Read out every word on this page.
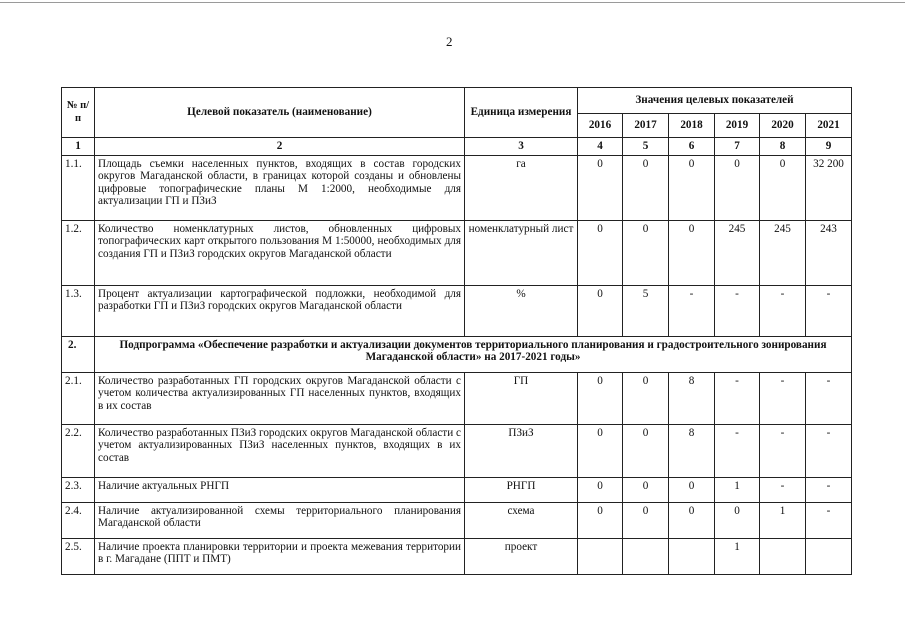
2
№ п/п	Целевой показатель (наименование)	Единица измерения	Значения целевых показателей					
			2016	2017	2018	2019	2020	2021
1	2	3	4	5	6	7	8	9
1.1.	Площадь съемки населенных пунктов, входящих в состав городских округов Магаданской области, в границах которой созданы и обновлены цифровые топографические планы М 1:2000, необходимые для актуализации ГП и ПЗиЗ	га	0	0	0	0	0	32 200
1.2.	Количество номенклатурных листов, обновленных цифровых топографических карт открытого пользования М 1:50000, необходимых для создания ГП и ПЗиЗ городских округов Магаданской области	номенклатурный лист	0	0	0	245	245	243
1.3.	Процент актуализации картографической подложки, необходимой для разработки ГП и ПЗиЗ городских округов Магаданской области	%	0	5	-	-	-	-
2.	Подпрограмма «Обеспечение разработки и актуализации документов территориального планирования и градостроительного зонирования Магаданской области» на 2017-2021 годы»							
2.1.	Количество разработанных ГП городских округов Магаданской области с учетом количества актуализированных ГП населенных пунктов, входящих в их состав	ГП	0	0	8	-	-	-
2.2.	Количество разработанных ПЗиЗ городских округов Магаданской области с учетом актуализированных ПЗиЗ населенных пунктов, входящих в их состав	ПЗиЗ	0	0	8	-	-	-
2.3.	Наличие актуальных РНГП	РНГП	0	0	0	1	-	-
2.4.	Наличие актуализированной схемы территориального планирования Магаданской области	схема	0	0	0	0	1	-
2.5.	Наличие проекта планировки территории и проекта межевания территории в г. Магадане (ППТ и ПМТ)	проект				1		
